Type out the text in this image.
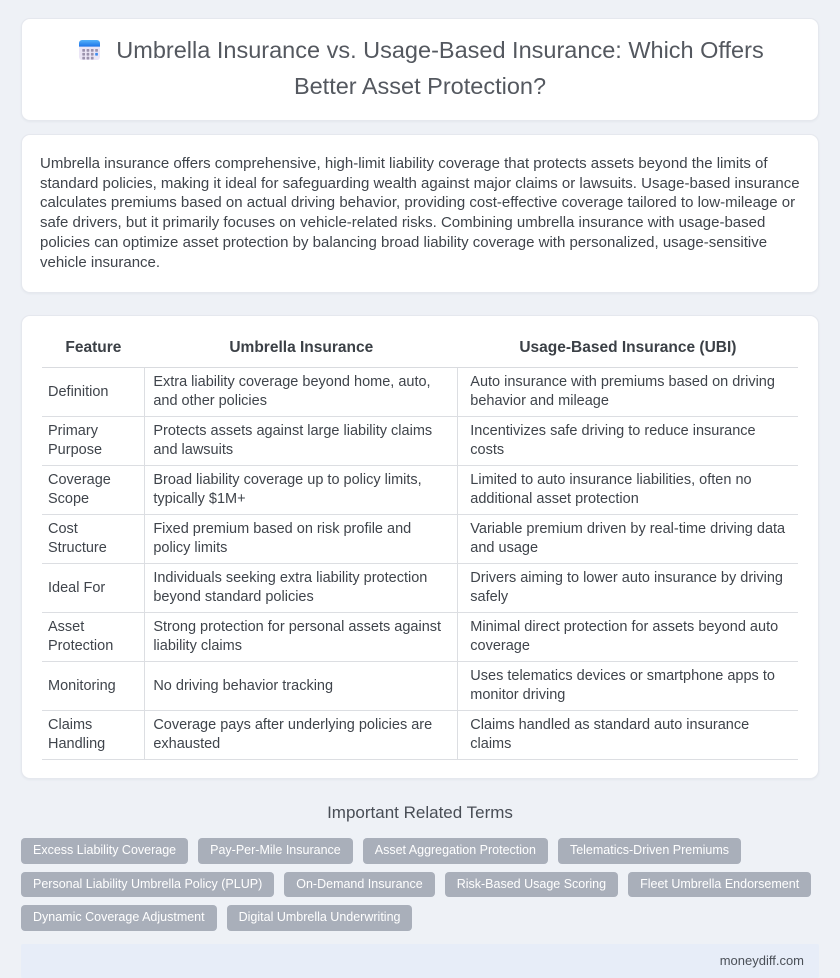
Umbrella Insurance vs. Usage-Based Insurance: Which Offers Better Asset Protection?

Umbrella insurance offers comprehensive, high-limit liability coverage that protects assets beyond the limits of standard policies, making it ideal for safeguarding wealth against major claims or lawsuits. Usage-based insurance calculates premiums based on actual driving behavior, providing cost-effective coverage tailored to low-mileage or safe drivers, but it primarily focuses on vehicle-related risks. Combining umbrella insurance with usage-based policies can optimize asset protection by balancing broad liability coverage with personalized, usage-sensitive vehicle insurance.

Feature	Umbrella Insurance	Usage-Based Insurance (UBI)
Definition	Extra liability coverage beyond home, auto, and other policies	Auto insurance with premiums based on driving behavior and mileage
Primary Purpose	Protects assets against large liability claims and lawsuits	Incentivizes safe driving to reduce insurance costs
Coverage Scope	Broad liability coverage up to policy limits, typically $1M+	Limited to auto insurance liabilities, often no additional asset protection
Cost Structure	Fixed premium based on risk profile and policy limits	Variable premium driven by real-time driving data and usage
Ideal For	Individuals seeking extra liability protection beyond standard policies	Drivers aiming to lower auto insurance by driving safely
Asset Protection	Strong protection for personal assets against liability claims	Minimal direct protection for assets beyond auto coverage
Monitoring	No driving behavior tracking	Uses telematics devices or smartphone apps to monitor driving
Claims Handling	Coverage pays after underlying policies are exhausted	Claims handled as standard auto insurance claims
Important Related Terms
Excess Liability Coverage	Pay-Per-Mile Insurance	Asset Aggregation Protection	Telematics-Driven Premiums
Personal Liability Umbrella Policy (PLUP)	On-Demand Insurance	Risk-Based Usage Scoring	Fleet Umbrella Endorsement
Dynamic Coverage Adjustment	Digital Umbrella Underwriting
moneydiff.com
